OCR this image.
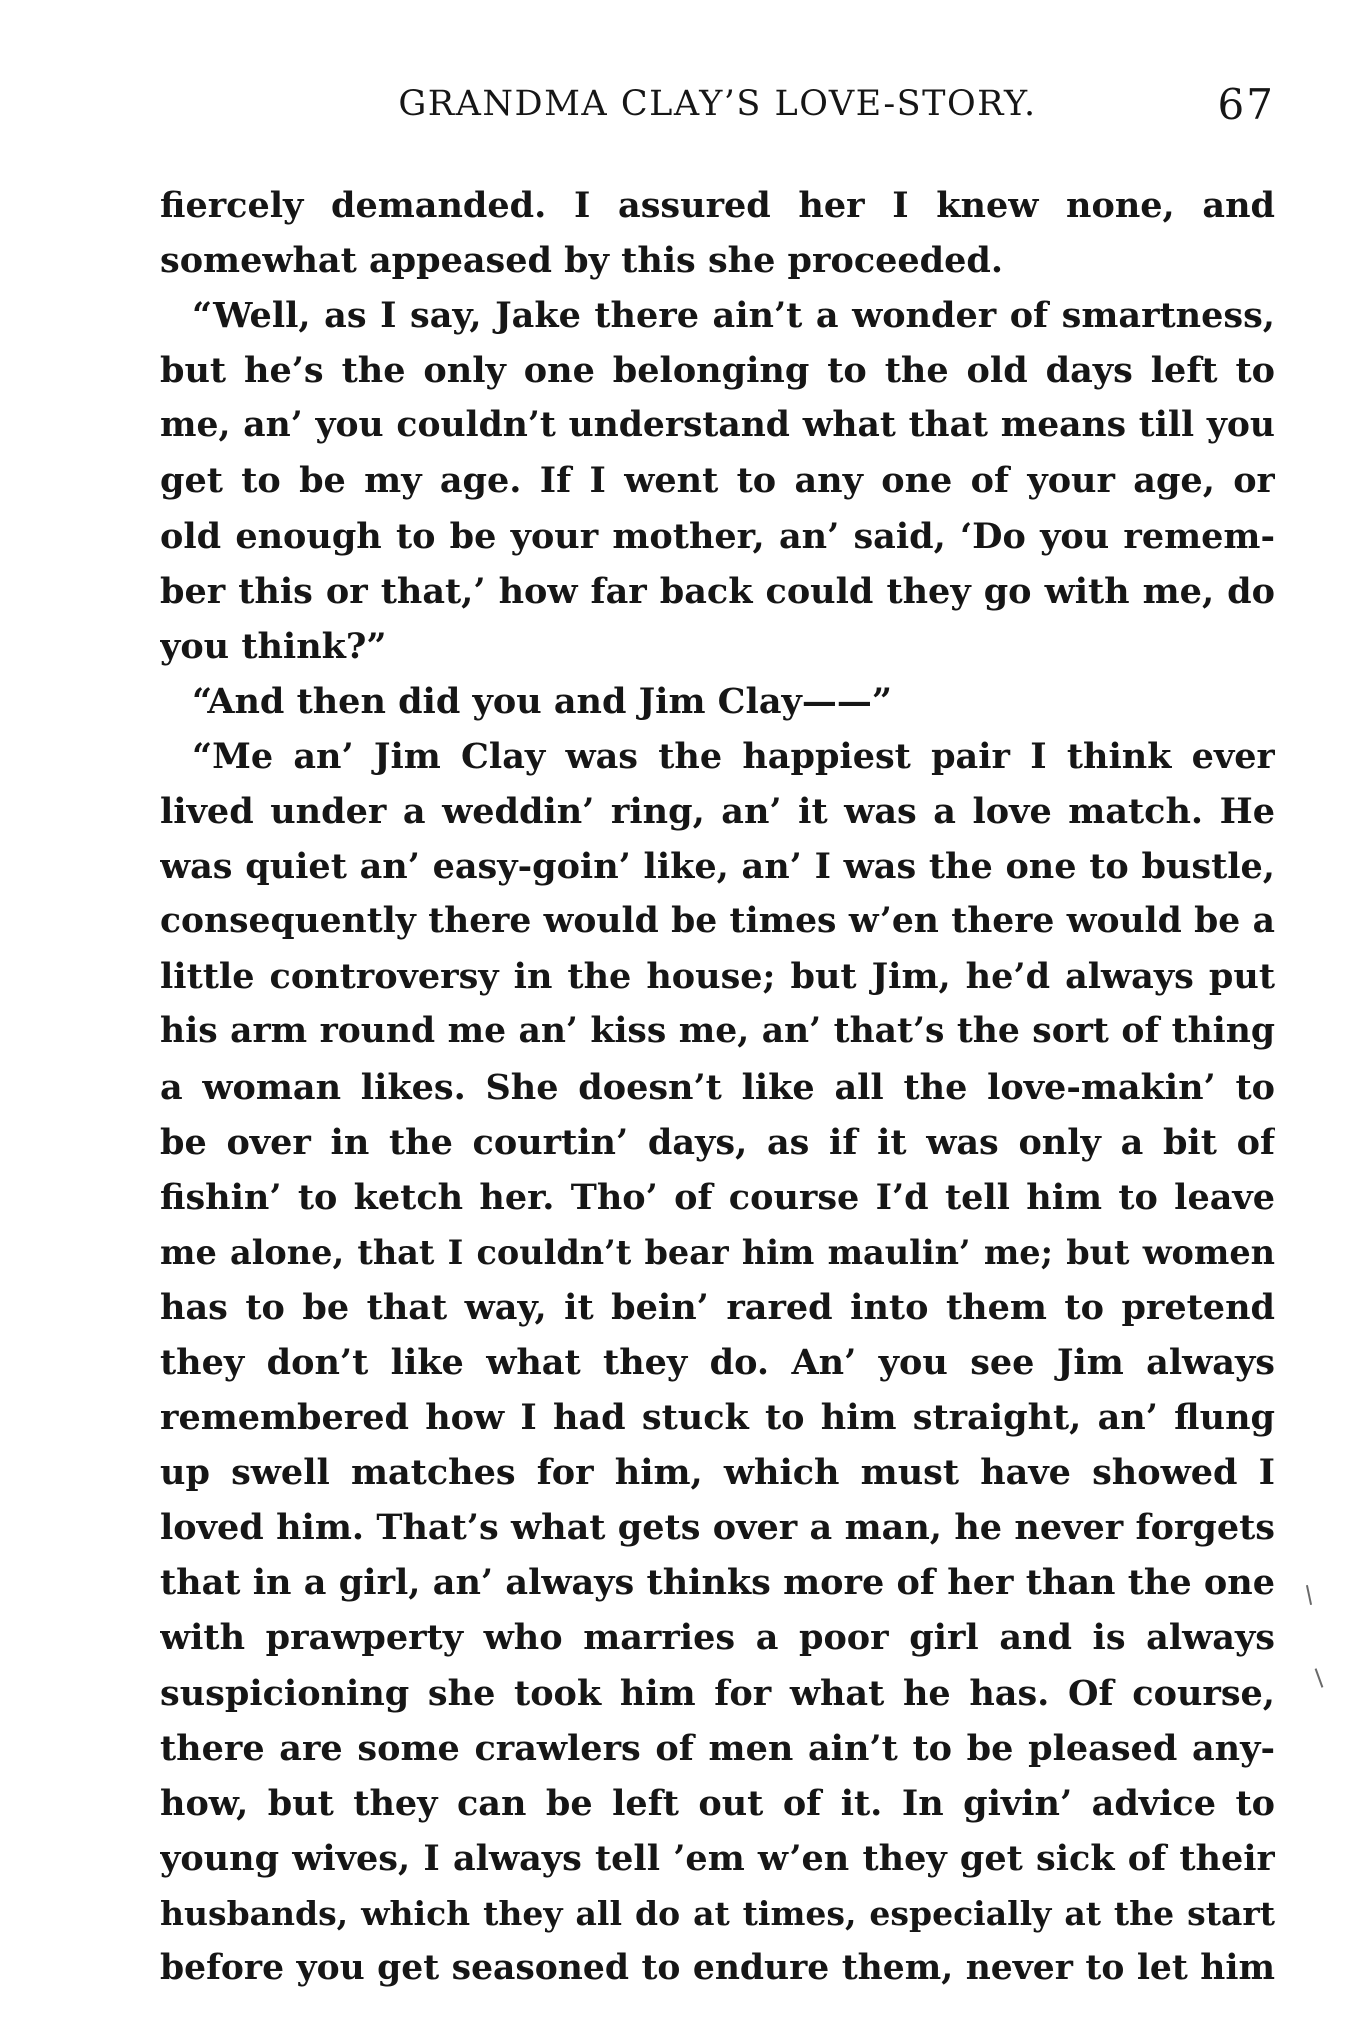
GRANDMA CLAY’S LOVE-STORY.	67
fiercely demanded. I assured her I knew none, and
somewhat appeased by this she proceeded.
“Well, as I say, Jake there ain’t a wonder of smartness,
but he’s the only one belonging to the old days left to
me, an’ you couldn’t understand what that means till you
get to be my age. If I went to any one of your age, or
old enough to be your mother, an’ said, ‘Do you remem-
ber this or that,’ how far back could they go with me, do
you think?”
“And then did you and Jim Clay——”
“Me an’ Jim Clay was the happiest pair I think ever
lived under a weddin’ ring, an’ it was a love match. He
was quiet an’ easy-goin’ like, an’ I was the one to bustle,
consequently there would be times w’en there would be a
little controversy in the house; but Jim, he’d always put
his arm round me an’ kiss me, an’ that’s the sort of thing
a woman likes. She doesn’t like all the love-makin’ to
be over in the courtin’ days, as if it was only a bit of
fishin’ to ketch her. Tho’ of course I’d tell him to leave
me alone, that I couldn’t bear him maulin’ me; but women
has to be that way, it bein’ rared into them to pretend
they don’t like what they do. An’ you see Jim always
remembered how I had stuck to him straight, an’ flung
up swell matches for him, which must have showed I
loved him. That’s what gets over a man, he never forgets
that in a girl, an’ always thinks more of her than the one
with prawperty who marries a poor girl and is always
suspicioning she took him for what he has. Of course,
there are some crawlers of men ain’t to be pleased any-
how, but they can be left out of it. In givin’ advice to
young wives, I always tell ’em w’en they get sick of their
husbands, which they all do at times, especially at the start
before you get seasoned to endure them, never to let him
